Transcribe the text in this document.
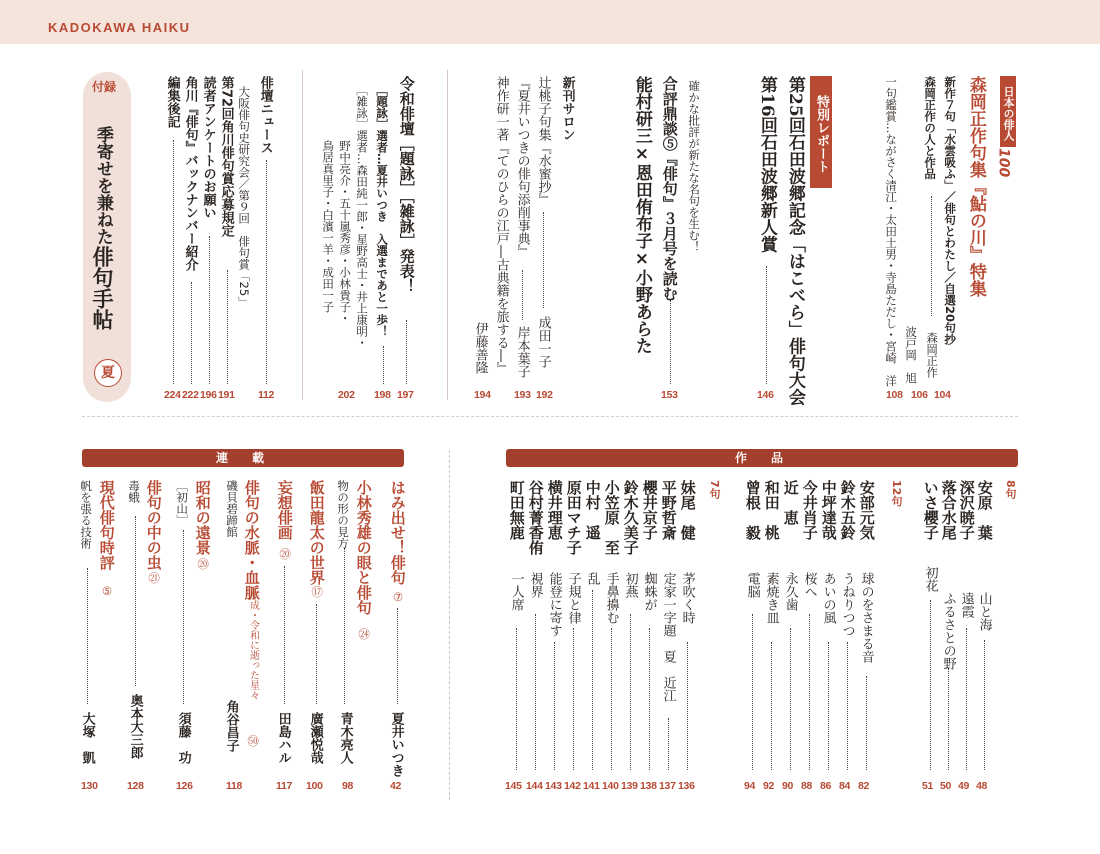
KADOKAWA HAIKU
付録
季寄せを兼ねた
俳句手帖
夏
俳壇ニュース
112
大阪俳句史研究会／第９回　俳句賞「25」
第72回角川俳句賞応募規定
191
読者アンケートのお願い
196
角川『俳句』バックナンバー紹介
222
編集後記
224
令和俳壇［題詠］［雑詠］発表！
197
［題詠］選者…夏井いつき　入選まであと一歩！
198
［雑詠］選者…森田純一郎・星野高士・井上康明・
野中亮介・五十嵐秀彦・小林貴子・
鳥居真里子・白濱一羊・成田一子
202
新刊サロン
辻桃子句集『水蜜抄』
成田一子
192
『夏井いつきの俳句添削事典』
岸本葉子
193
神作研一著『てのひらの江戸―古典籍を旅する―』
伊藤善隆
194
確かな批評が新たな名句を生む！
合評鼎談⑤『俳句』３月号を読む
能村研三×恩田侑布子×小野あらた
153
特別レポート
第25回石田波郷記念「はこべら」俳句大会
第16回石田波郷新人賞
146
日本の俳人
100
森岡正作句集『鮎の川』特集
新作７句「水雲吸ふ」／俳句とわたし／自選20句抄
森岡正作
104
森岡正作の人と作品
波戸岡　旭
106
一句鑑賞…ながさく清江・太田土男・寺島ただし・宮崎　洋
108
連　載
はみ出せ！俳句
⑦
夏井いつき
42
小林秀雄の眼と俳句
㉔
物の形の見方
青木亮人
98
飯田龍太の世界
⑰
廣瀬悦哉
100
妄想俳画
⑳
田島ハル
117
俳句の水脈・血脈
平成・令和に逝った星々
㊿
磯貝碧蹄館
角谷昌子
118
昭和の遠景
⑳
［初山］
須藤　功
126
俳句の中の虫
㉑
毒蛾
奥本大三郎
128
現代俳句時評
⑤
帆を張る技術
大塚　凱
130
作　品
8句
安原　葉
山と海
48
深沢暁子
遠霞
49
落合水尾
ふるさとの野
50
いさ櫻子
初花
51
12句
安部元気
球のをさまる音
82
鈴木五鈴
うねりつつ
84
中坪達哉
あいの風
86
今井肖子
桜へ
88
近　恵
永久歯
90
和田　桃
素焼き皿
92
曾根　毅
電脳
94
7句
妹尾　健
茅吹く時
136
平野哲斎
定家一字題　夏　近江
137
櫻井京子
蜘蛛が
138
鈴木久美子
初燕
139
小笠原　至
手鼻擤む
140
中村　遥
乱
141
原田マチ子
子規と律
142
横井理恵
能登に寄す
143
谷村菁香侑
視界
144
町田無鹿
一人席
145
